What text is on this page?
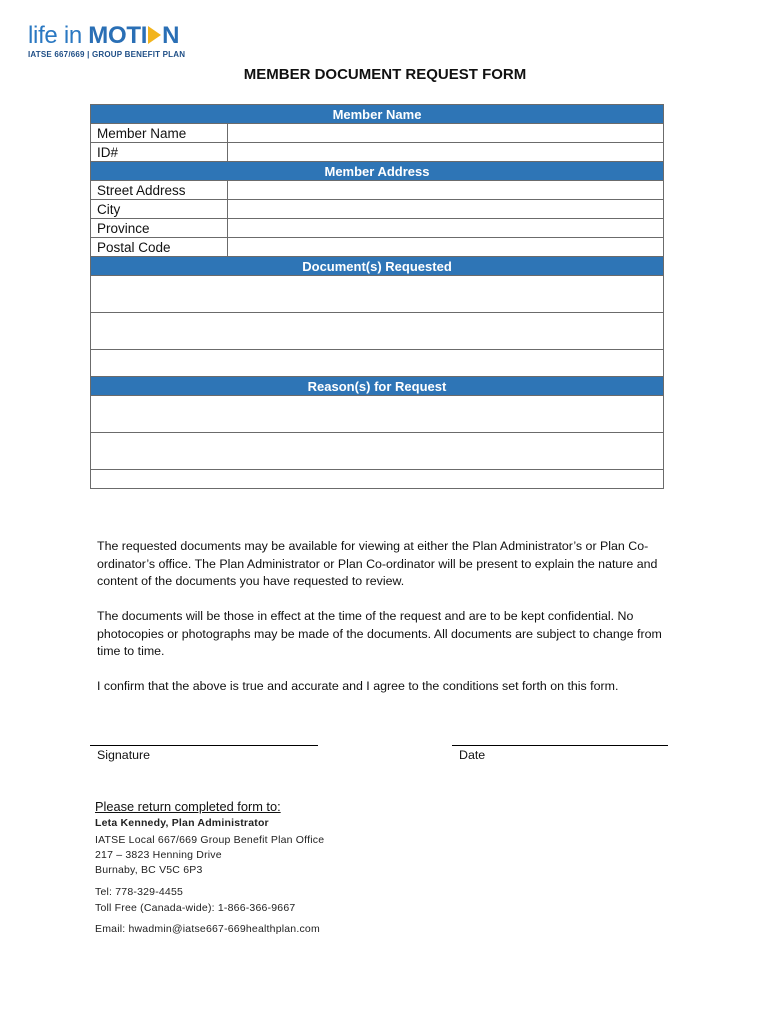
life in MOTI N
IATSE 667/669 | GROUP BENEFIT PLAN
MEMBER DOCUMENT REQUEST FORM
Member Name	
Member Name	
ID#	
Member Address	
Street Address	
City	
Province	
Postal Code	
Document(s) Requested	

Reason(s) for Request	

The requested documents may be available for viewing at either the Plan Administrator’s or Plan Co-ordinator’s office. The Plan Administrator or Plan Co-ordinator will be present to explain the nature and content of the documents you have requested to review.

The documents will be those in effect at the time of the request and are to be kept confidential. No photocopies or photographs may be made of the documents. All documents are subject to change from time to time.

I confirm that the above is true and accurate and I agree to the conditions set forth on this form.

Signature	Date
Please return completed form to:
Leta Kennedy, Plan Administrator
IATSE Local 667/669 Group Benefit Plan Office
217 – 3823 Henning Drive
Burnaby, BC V5C 6P3
Tel: 778-329-4455
Toll Free (Canada-wide): 1-866-366-9667
Email: hwadmin@iatse667-669healthplan.com
